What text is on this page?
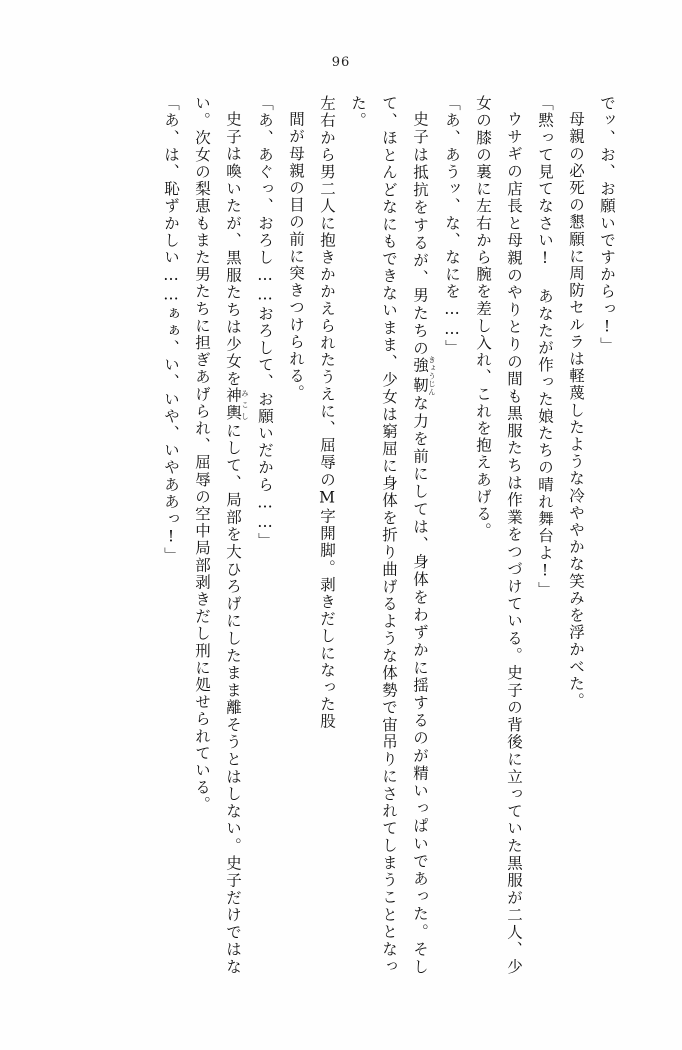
96

でッ、お、お願いですからっ!」

母親の必死の懇願に周防セルラは軽蔑したような冷ややかな笑みを浮かべた。

「黙って見てなさい! あなたが作った娘たちの晴れ舞台よ!」

ウサギの店長と母親のやりとりの間も黒服たちは作業をつづけている。史子の背後に立っていた黒服が二人、少女の膝の裏に左右から腕を差し入れ、これを抱えあげる。

「あ、あうッ、な、なにを……」

史子は抵抗をするが、男たちの強靭きょうじんな力を前にしては、身体をわずかに揺するのが精いっぱいであった。そして、ほとんどなにもできないまま、少女は窮屈に身体を折り曲げるような体勢で宙吊りにされてしまうこととなった。

左右から男二人に抱きかかえられたうえに、屈辱のM字開脚。剥きだしになった股

間が母親の目の前に突きつけられる。

「あ、あぐっ、おろし……おろして、お願いだから……」

史子は喚いたが、黒服たちは少女を神輿みこしにして、局部を大ひろげにしたまま離そうとはしない。史子だけではない。次女の梨恵もまた男たちに担ぎあげられ、屈辱の空中局部剥きだし刑に処せられている。

「あ、は、恥ずかしい……ぁぁ、い、いや、いやああっ!」
